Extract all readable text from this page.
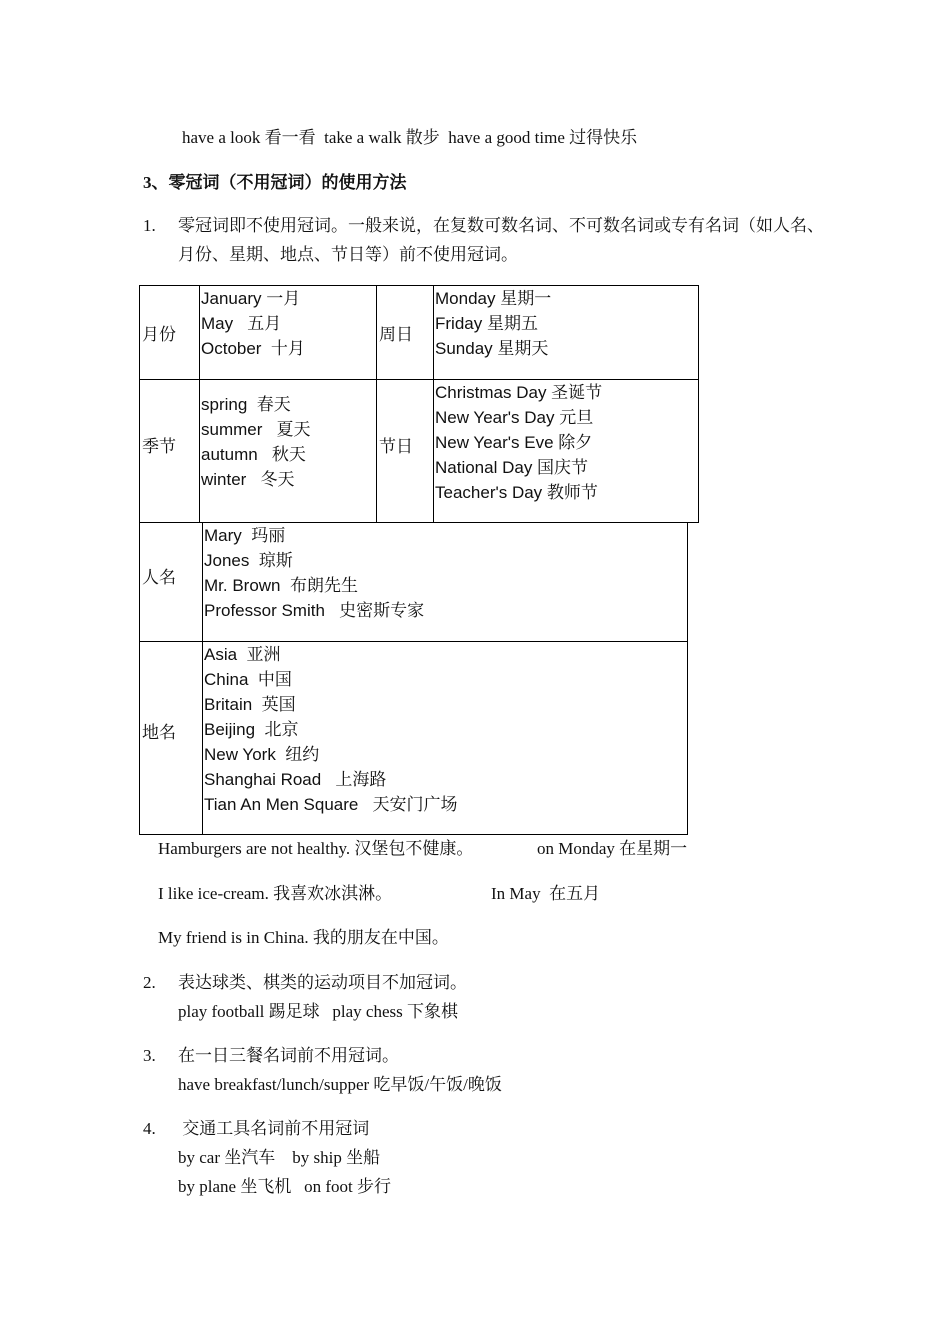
have a look 看一看  take a walk 散步  have a good time 过得快乐
3、零冠词（不用冠词）的使用方法
1. 零冠词即不使用冠词。一般来说，在复数可数名词、不可数名词或专有名词（如人名、
月份、星期、地点、节日等）前不使用冠词。
月份
January 一月
May   五月
October  十月
周日
Monday 星期一
Friday 星期五
Sunday 星期天
季节
spring  春天
summer   夏天
autumn   秋天
winter   冬天
节日
Christmas Day 圣诞节
New Year's Day 元旦
New Year's Eve 除夕
National Day 国庆节
Teacher's Day 教师节
人名
Mary  玛丽
Jones  琼斯
Mr. Brown  布朗先生
Professor Smith   史密斯专家
地名
Asia  亚洲
China  中国
Britain  英国
Beijing  北京
New York  纽约
Shanghai Road   上海路
Tian An Men Square   天安门广场
Hamburgers are not healthy. 汉堡包不健康。	on Monday 在星期一
I like ice-cream. 我喜欢冰淇淋。	In May  在五月
My friend is in China. 我的朋友在中国。
2. 表达球类、棋类的运动项目不加冠词。
play football 踢足球   play chess 下象棋
3. 在一日三餐名词前不用冠词。
have breakfast/lunch/supper 吃早饭/午饭/晚饭
4. 交通工具名词前不用冠词
by car 坐汽车    by ship 坐船
by plane 坐飞机   on foot 步行
